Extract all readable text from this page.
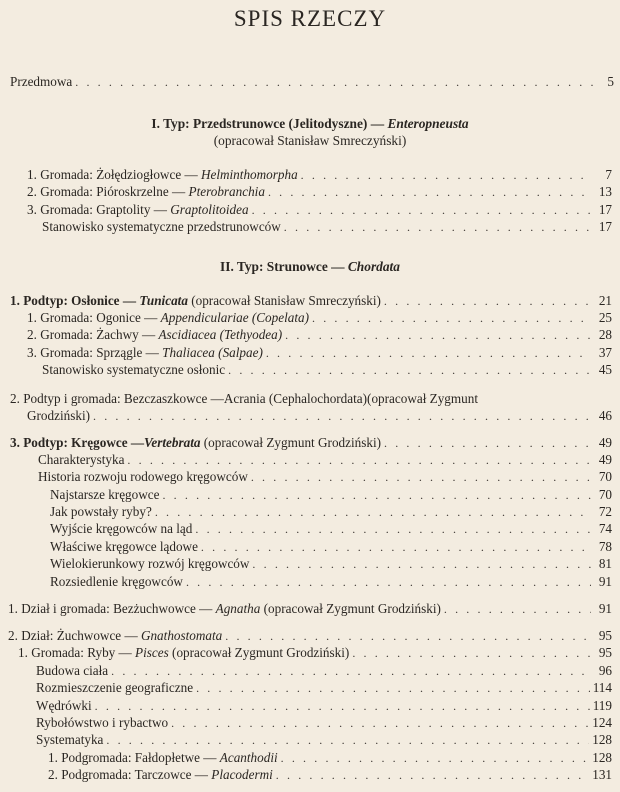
SPIS RZECZY
Przedmowa . . .	5
I. Typ: Przedstrunowce (Jelitodyszne) — Enteropneusta
(opracował Stanisław Smreczyński)
1. Gromada: Żołędziogłowce — Helminthomorpha . . .	7
2. Gromada: Pióroskrzelne — Pterobranchia . . .	13
3. Gromada: Graptolity — Graptolitoidea . . .	17
Stanowisko systematyczne przedstrunowców . . .	17
II. Typ: Strunowce — Chordata
1. Podtyp: Osłonice — Tunicata (opracował Stanisław Smreczyński) . . .	21
1. Gromada: Ogonice — Appendiculariae (Copelata) . . .	25
2. Gromada: Żachwy — Ascidiacea (Tethyodea) . . .	28
3. Gromada: Sprzągle — Thaliacea (Salpae) . . .	37
Stanowisko systematyczne osłonic . . .	45
2. Podtyp i gromada: Bezczaszkowce — Acrania (Cephalochordata) (opracował Zygmunt
Grodziński) . . .	46
3. Podtyp: Kręgowce —Vertebrata (opracował Zygmunt Grodziński) . . .	49
Charakterystyka . . .	49
Historia rozwoju rodowego kręgowców . . .	70
Najstarsze kręgowce . . .	70
Jak powstały ryby? . . .	72
Wyjście kręgowców na ląd . . .	74
Właściwe kręgowce lądowe . . .	78
Wielokierunkowy rozwój kręgowców . . .	81
Rozsiedlenie kręgowców . . .	91
1. Dział i gromada: Bezżuchwowce — Agnatha (opracował Zygmunt Grodziński) . . .	91
2. Dział: Żuchwowce — Gnathostomata . . .	95
1. Gromada: Ryby — Pisces (opracował Zygmunt Grodziński) . . .	95
Budowa ciała . . .	96
Rozmieszczenie geograficzne . . .	114
Wędrówki . . .	119
Rybołówstwo i rybactwo . . .	124
Systematyka . . .	128
1. Podgromada: Fałdopłetwe — Acanthodii . . .	128
2. Podgromada: Tarczowce — Placodermi . . .	131
